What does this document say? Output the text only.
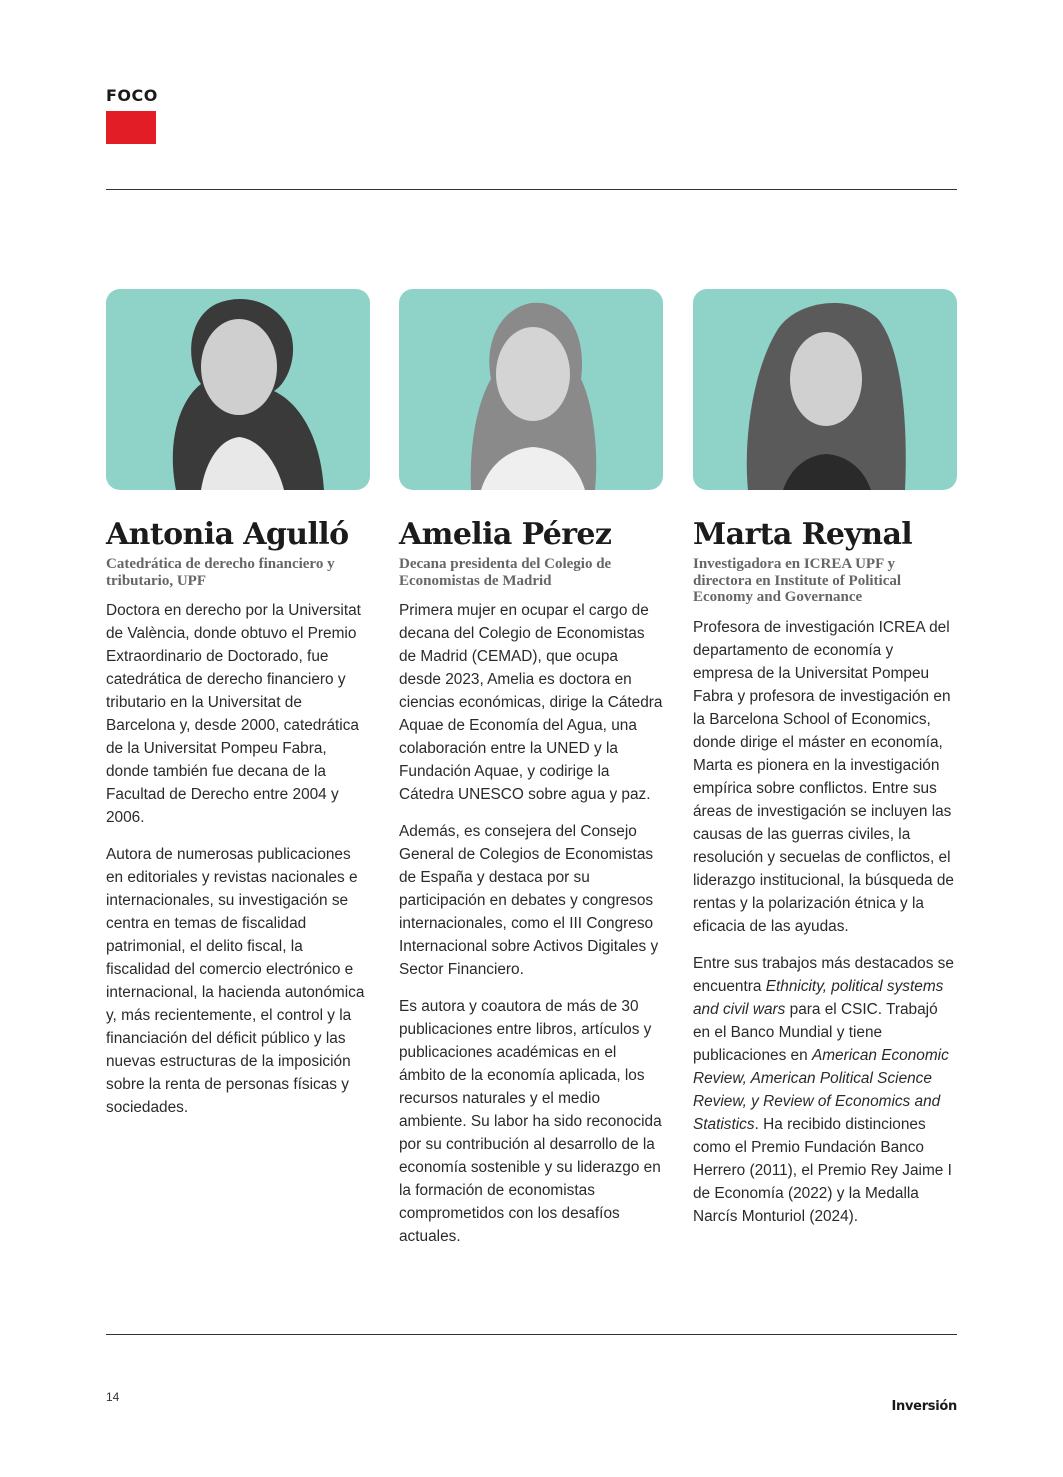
FOCO
Antonia Agulló
Catedrática de derecho financiero y tributario, UPF

Doctora en derecho por la Universitat de València, donde obtuvo el Premio Extraordinario de Doctorado, fue catedrática de derecho financiero y tributario en la Universitat de Barcelona y, desde 2000, catedrática de la Universitat Pompeu Fabra, donde también fue decana de la Facultad de Derecho entre 2004 y 2006.

Autora de numerosas publicaciones en editoriales y revistas nacionales e internacionales, su investigación se centra en temas de fiscalidad patrimonial, el delito fiscal, la fiscalidad del comercio electrónico e internacional, la hacienda autonómica y, más recientemente, el control y la financiación del déficit público y las nuevas estructuras de la imposición sobre la renta de personas físicas y sociedades.

Amelia Pérez
Decana presidenta del Colegio de Economistas de Madrid

Primera mujer en ocupar el cargo de decana del Colegio de Economistas de Madrid (CEMAD), que ocupa desde 2023, Amelia es doctora en ciencias económicas, dirige la Cátedra Aquae de Economía del Agua, una colaboración entre la UNED y la Fundación Aquae, y codirige la Cátedra UNESCO sobre agua y paz.

Además, es consejera del Consejo General de Colegios de Economistas de España y destaca por su participación en debates y congresos internacionales, como el III Congreso Internacional sobre Activos Digitales y Sector Financiero.

Es autora y coautora de más de 30 publicaciones entre libros, artículos y publicaciones académicas en el ámbito de la economía aplicada, los recursos naturales y el medio ambiente. Su labor ha sido reconocida por su contribución al desarrollo de la economía sostenible y su liderazgo en la formación de economistas comprometidos con los desafíos actuales.

Marta Reynal
Investigadora en ICREA UPF y directora en Institute of Political Economy and Governance

Profesora de investigación ICREA del departamento de economía y empresa de la Universitat Pompeu Fabra y profesora de investigación en la Barcelona School of Economics, donde dirige el máster en economía, Marta es pionera en la investigación empírica sobre conflictos. Entre sus áreas de investigación se incluyen las causas de las guerras civiles, la resolución y secuelas de conflictos, el liderazgo institucional, la búsqueda de rentas y la polarización étnica y la eficacia de las ayudas.

Entre sus trabajos más destacados se encuentra Ethnicity, political systems and civil wars para el CSIC. Trabajó en el Banco Mundial y tiene publicaciones en American Economic Review, American Political Science Review, y Review of Economics and Statistics. Ha recibido distinciones como el Premio Fundación Banco Herrero (2011), el Premio Rey Jaime I de Economía (2022) y la Medalla Narcís Monturiol (2024).

14
Inversión
